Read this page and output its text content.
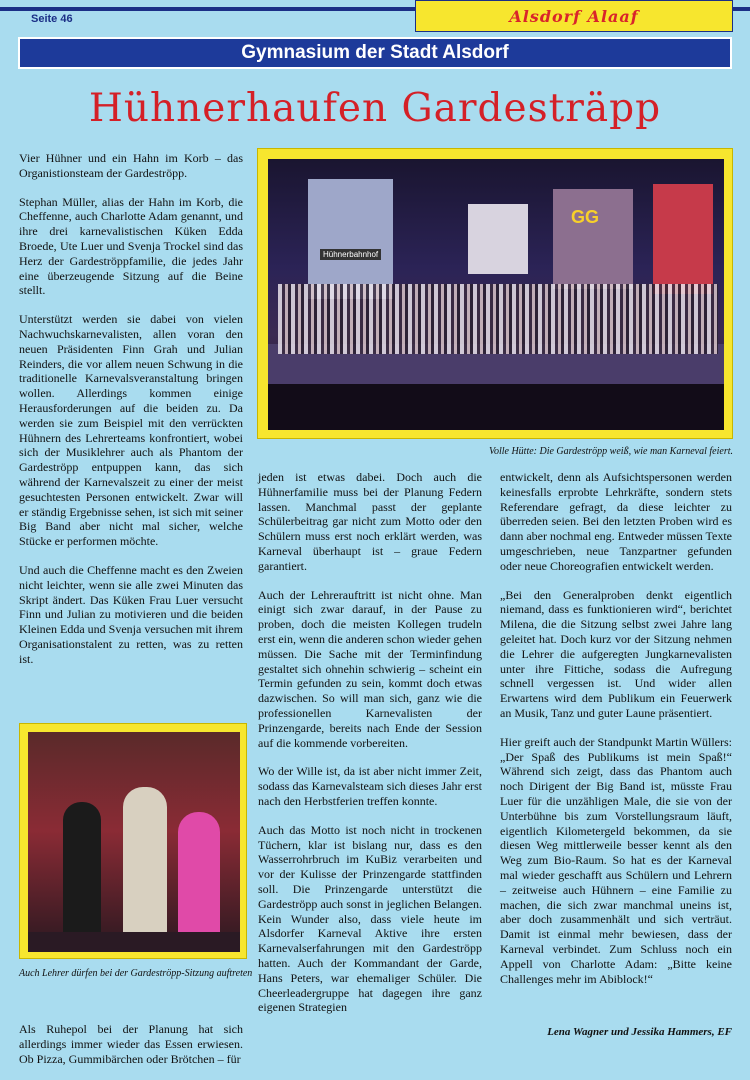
Seite 46	Alsdorf Alaaf
Gymnasium der Stadt Alsdorf
Hühnerhaufen Gardesträpp

Vier Hühner und ein Hahn im Korb – das Organistionsteam der Gardeströpp.

Stephan Müller, alias der Hahn im Korb, die Cheffenne, auch Charlotte Adam genannt, und ihre drei karnevalistischen Küken Edda Broede, Ute Luer und Svenja Trockel sind das Herz der Gardeströppfamilie, die jedes Jahr eine überzeugende Sitzung auf die Beine stellt.

Unterstützt werden sie dabei von vielen Nachwuchskarnevalisten, allen voran den neuen Präsidenten Finn Grah und Julian Reinders, die vor allem neuen Schwung in die traditionelle Karnevalsveranstaltung bringen wollen. Allerdings kommen einige Herausforderungen auf die beiden zu. Da werden sie zum Beispiel mit den verrückten Hühnern des Lehrerteams konfrontiert, wobei sich der Musiklehrer auch als Phantom der Gardeströpp entpuppen kann, das sich während der Karnevalszeit zu einer der meist gesuchtesten Personen entwickelt. Zwar will er ständig Ergebnisse sehen, ist sich mit seiner Big Band aber nicht mal sicher, welche Stücke er performen möchte.

Und auch die Cheffenne macht es den Zweien nicht leichter, wenn sie alle zwei Minuten das Skript ändert. Das Küken Frau Luer versucht Finn und Julian zu motivieren und die beiden Kleinen Edda und Svenja versuchen mit ihrem Organisationstalent zu retten, was zu retten ist.

Hühnerbahnhof
GG
Volle Hütte: Die Gardeströpp weiß, wie man Karneval feiert.

jeden ist etwas dabei. Doch auch die Hühnerfamilie muss bei der Planung Federn lassen. Manchmal passt der geplante Schülerbeitrag gar nicht zum Motto oder den Schülern muss erst noch erklärt werden, was Karneval überhaupt ist – graue Federn garantiert.

Auch der Lehrerauftritt ist nicht ohne. Man einigt sich zwar darauf, in der Pause zu proben, doch die meisten Kollegen trudeln erst ein, wenn die anderen schon wieder gehen müssen. Die Sache mit der Terminfindung gestaltet sich ohnehin schwierig – scheint ein Termin gefunden zu sein, kommt doch etwas dazwischen. So will man sich, ganz wie die professionellen Karnevalisten der Prinzengarde, bereits nach Ende der Session auf die kommende vorbereiten.

Wo der Wille ist, da ist aber nicht immer Zeit, sodass das Karnevalsteam sich dieses Jahr erst nach den Herbstferien treffen konnte.

Auch das Motto ist noch nicht in trockenen Tüchern, klar ist bislang nur, dass es den Wasserrohrbruch im KuBiz verarbeiten und vor der Kulisse der Prinzengarde stattfinden soll. Die Prinzengarde unterstützt die Gardeströpp auch sonst in jeglichen Belangen. Kein Wunder also, dass viele heute im Alsdorfer Karneval Aktive ihre ersten Karnevalserfahrungen mit den Gardeströpp hatten. Auch der Kommandant der Garde, Hans Peters, war ehemaliger Schüler. Die Cheerleadergruppe hat dagegen ihre ganz eigenen Strategien

entwickelt, denn als Aufsichtspersonen werden keinesfalls erprobte Lehrkräfte, sondern stets Referendare gefragt, da diese leichter zu überreden seien. Bei den letzten Proben wird es dann aber nochmal eng. Entweder müssen Texte umgeschrieben, neue Tanzpartner gefunden oder neue Choreografien entwickelt werden.

„Bei den Generalproben denkt eigentlich niemand, dass es funktionieren wird“, berichtet Milena, die die Sitzung selbst zwei Jahre lang geleitet hat. Doch kurz vor der Sitzung nehmen die Lehrer die aufgeregten Jungkarnevalisten unter ihre Fittiche, sodass die Aufregung schnell vergessen ist. Und wider allen Erwartens wird dem Publikum ein Feuerwerk an Musik, Tanz und guter Laune präsentiert.

Hier greift auch der Standpunkt Martin Wüllers: „Der Spaß des Publikums ist mein Spaß!“ Während sich zeigt, dass das Phantom auch noch Dirigent der Big Band ist, müsste Frau Luer für die unzähligen Male, die sie von der Unterbühne bis zum Vorstellungsraum läuft, eigentlich Kilometergeld bekommen, da sie diesen Weg mittlerweile besser kennt als den Weg zum Bio-Raum. So hat es der Karneval mal wieder geschafft aus Schülern und Lehrern – zeitweise auch Hühnern – eine Familie zu machen, die sich zwar manchmal uneins ist, aber doch zusammenhält und sich verträut. Damit ist einmal mehr bewiesen, dass der Karneval verbindet. Zum Schluss noch ein Appell von Charlotte Adam: „Bitte keine Challenges mehr im Abiblock!“

Auch Lehrer dürfen bei der Gardeströpp-Sitzung auftreten

Als Ruhepol bei der Planung hat sich allerdings immer wieder das Essen erwiesen. Ob Pizza, Gummibärchen oder Brötchen – für

Lena Wagner und Jessika Hammers, EF
